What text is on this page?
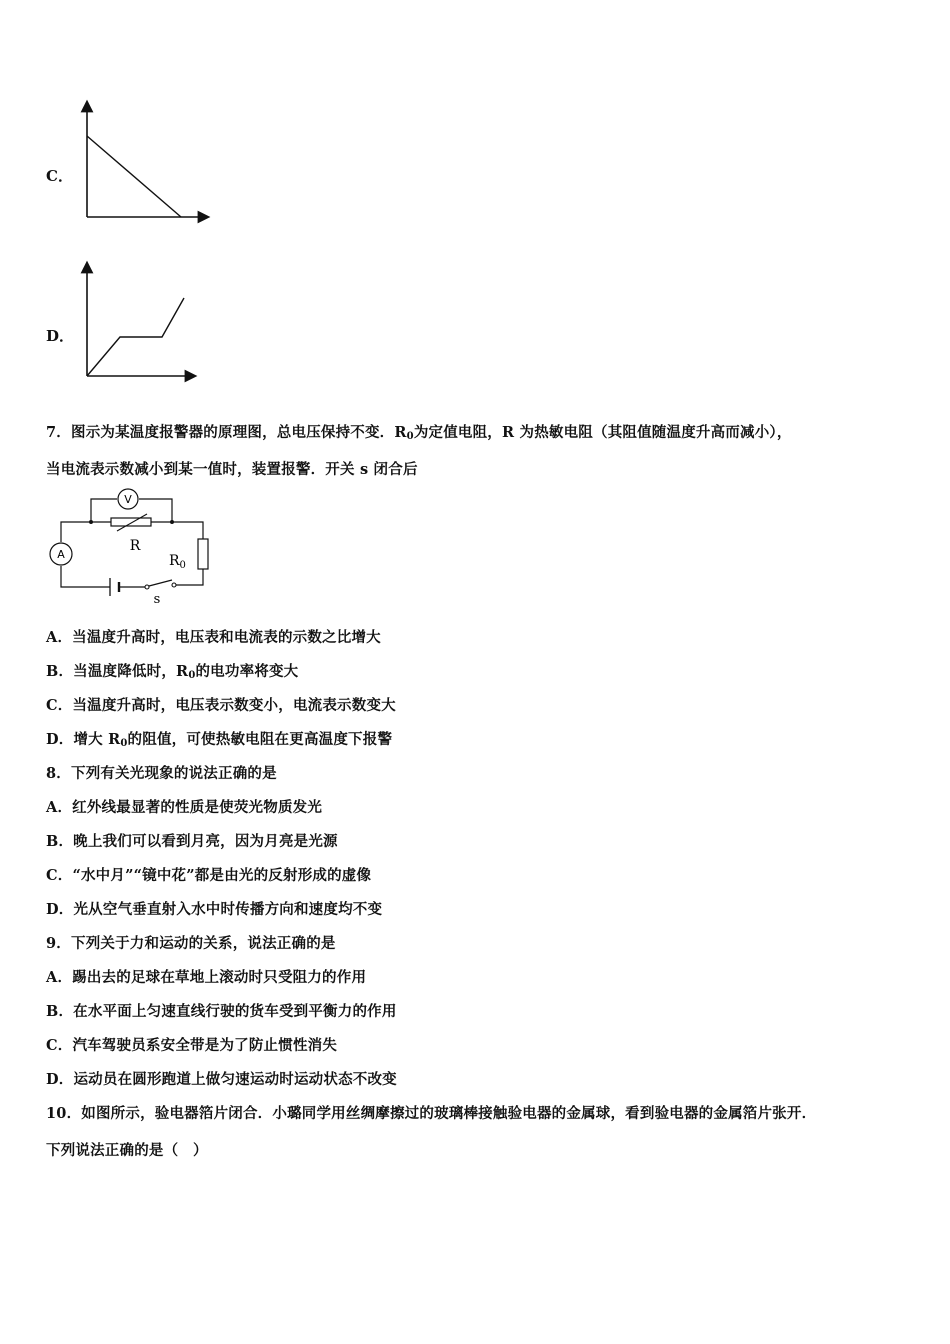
C．
D．
7．图示为某温度报警器的原理图，总电压保持不变．$R_0$为定值电阻，R 为热敏电阻（其阻值随温度升高而减小），
当电流表示数减小到某一值时，装置报警．开关 s 闭合后
V
R
A	$R_0$
s
A．当温度升高时，电压表和电流表的示数之比增大
B．当温度降低时，$R_0$的电功率将变大
C．当温度升高时，电压表示数变小，电流表示数变大
D．增大 $R_0$的阻值，可使热敏电阻在更高温度下报警
8．下列有关光现象的说法正确的是
A．红外线最显著的性质是使荧光物质发光
B．晚上我们可以看到月亮，因为月亮是光源
C．“水中月”“镜中花”都是由光的反射形成的虚像
D．光从空气垂直射入水中时传播方向和速度均不变
9．下列关于力和运动的关系，说法正确的是
A．踢出去的足球在草地上滚动时只受阻力的作用
B．在水平面上匀速直线行驶的货车受到平衡力的作用
C．汽车驾驶员系安全带是为了防止惯性消失
D．运动员在圆形跑道上做匀速运动时运动状态不改变
10．如图所示，验电器箔片闭合．小璐同学用丝绸摩擦过的玻璃棒接触验电器的金属球，看到验电器的金属箔片张开．
下列说法正确的是（　）
